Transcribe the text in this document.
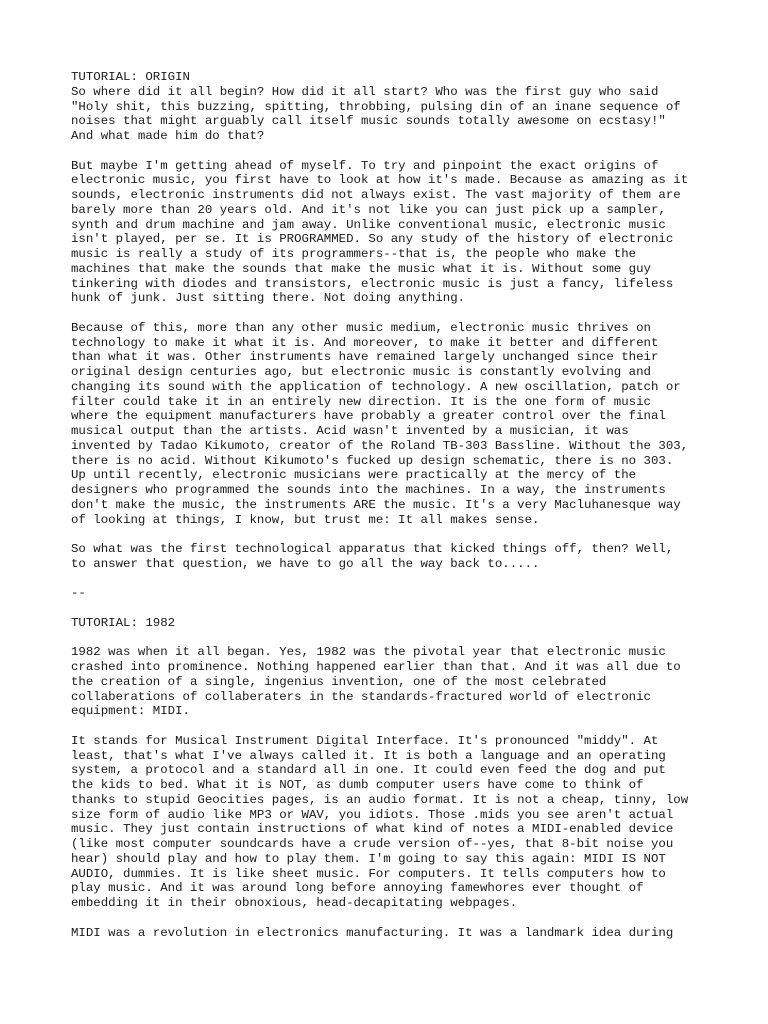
TUTORIAL: ORIGIN
So where did it all begin? How did it all start? Who was the first guy who said
"Holy shit, this buzzing, spitting, throbbing, pulsing din of an inane sequence of
noises that might arguably call itself music sounds totally awesome on ecstasy!"
And what made him do that?

But maybe I'm getting ahead of myself. To try and pinpoint the exact origins of
electronic music, you first have to look at how it's made. Because as amazing as it
sounds, electronic instruments did not always exist. The vast majority of them are
barely more than 20 years old. And it's not like you can just pick up a sampler,
synth and drum machine and jam away. Unlike conventional music, electronic music
isn't played, per se. It is PROGRAMMED. So any study of the history of electronic
music is really a study of its programmers--that is, the people who make the
machines that make the sounds that make the music what it is. Without some guy
tinkering with diodes and transistors, electronic music is just a fancy, lifeless
hunk of junk. Just sitting there. Not doing anything.

Because of this, more than any other music medium, electronic music thrives on
technology to make it what it is. And moreover, to make it better and different
than what it was. Other instruments have remained largely unchanged since their
original design centuries ago, but electronic music is constantly evolving and
changing its sound with the application of technology. A new oscillation, patch or
filter could take it in an entirely new direction. It is the one form of music
where the equipment manufacturers have probably a greater control over the final
musical output than the artists. Acid wasn't invented by a musician, it was
invented by Tadao Kikumoto, creator of the Roland TB-303 Bassline. Without the 303,
there is no acid. Without Kikumoto's fucked up design schematic, there is no 303.
Up until recently, electronic musicians were practically at the mercy of the
designers who programmed the sounds into the machines. In a way, the instruments
don't make the music, the instruments ARE the music. It's a very Macluhanesque way
of looking at things, I know, but trust me: It all makes sense.

So what was the first technological apparatus that kicked things off, then? Well,
to answer that question, we have to go all the way back to.....

--

TUTORIAL: 1982

1982 was when it all began. Yes, 1982 was the pivotal year that electronic music
crashed into prominence. Nothing happened earlier than that. And it was all due to
the creation of a single, ingenius invention, one of the most celebrated
collaberations of collaberaters in the standards-fractured world of electronic
equipment: MIDI.

It stands for Musical Instrument Digital Interface. It's pronounced "middy". At
least, that's what I've always called it. It is both a language and an operating
system, a protocol and a standard all in one. It could even feed the dog and put
the kids to bed. What it is NOT, as dumb computer users have come to think of
thanks to stupid Geocities pages, is an audio format. It is not a cheap, tinny, low
size form of audio like MP3 or WAV, you idiots. Those .mids you see aren't actual
music. They just contain instructions of what kind of notes a MIDI-enabled device
(like most computer soundcards have a crude version of--yes, that 8-bit noise you
hear) should play and how to play them. I'm going to say this again: MIDI IS NOT
AUDIO, dummies. It is like sheet music. For computers. It tells computers how to
play music. And it was around long before annoying famewhores ever thought of
embedding it in their obnoxious, head-decapitating webpages.

MIDI was a revolution in electronics manufacturing. It was a landmark idea during
